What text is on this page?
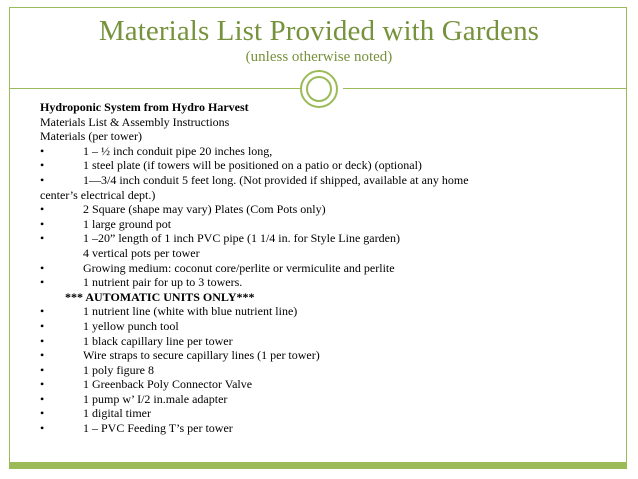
Materials List Provided with Gardens
(unless otherwise noted)
Hydroponic System from Hydro Harvest
Materials List & Assembly Instructions
Materials (per tower)
•	1 – ½ inch conduit pipe 20 inches long,
•	1 steel plate (if towers will be positioned on a patio or deck) (optional)
•	1—3/4 inch conduit 5 feet long. (Not provided if shipped, available at any home
center’s electrical dept.)
•	2 Square (shape may vary) Plates (Com Pots only)
•	1 large ground pot
•	1 –20” length of 1 inch PVC pipe (1 1/4 in. for Style Line garden)
4 vertical pots per tower
•	Growing medium: coconut core/perlite or vermiculite and perlite
•	1 nutrient pair for up to 3 towers.
*** AUTOMATIC UNITS ONLY***
•	1 nutrient line (white with blue nutrient line)
•	1 yellow punch tool
•	1 black capillary line per tower
•	Wire straps to secure capillary lines (1 per tower)
•	1 poly figure 8
•	1 Greenback Poly Connector Valve
•	1 pump w’ I/2 in.male adapter
•	1 digital timer
•	1 – PVC Feeding T’s per tower
